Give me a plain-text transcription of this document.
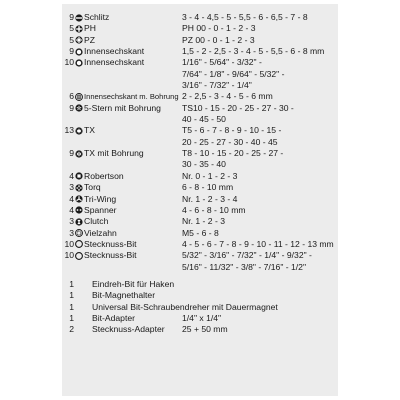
9 Schlitz	3 - 4 - 4,5 - 5 - 5,5 - 6 - 6,5 - 7 - 8
5 PH	PH 00 - 0 - 1 - 2 - 3
5 PZ	PZ 00 - 0 - 1 - 2 - 3
9 Innensechskant	1,5 - 2 - 2,5 - 3 - 4 - 5 - 5,5 - 6 - 8 mm
10 Innensechskant	1/16" - 5/64" - 3/32" -
7/64" - 1/8" - 9/64" - 5/32" -
3/16" - 7/32" - 1/4"
6 Innensechskant m. Bohrung 2 - 2,5 - 3 - 4 - 5 - 6 mm
9 5-Stern mit Bohrung TS10 - 15 - 20 - 25 - 27 - 30 -
40 - 45 - 50
13 TX	T5 - 6 - 7 - 8 - 9 - 10 - 15 -
20 - 25 - 27 - 30 - 40 - 45
9 TX mit Bohrung	T8 - 10 - 15 - 20 - 25 - 27 -
30 - 35 - 40
4 Robertson	Nr. 0 - 1 - 2 - 3
3 Torq	6 - 8 - 10 mm
4 Tri-Wing	Nr. 1 - 2 - 3 - 4
4 Spanner	4 - 6 - 8 - 10 mm
3 Clutch	Nr. 1 - 2 - 3
3 Vielzahn	M5 - 6 - 8
10 Stecknuss-Bit	4 - 5 - 6 - 7 - 8 - 9 - 10 - 11 - 12 - 13 mm
10 Stecknuss-Bit	5/32" - 3/16" - 7/32" - 1/4" - 9/32" -
5/16" - 11/32" - 3/8" - 7/16" - 1/2"
1 Eindreh-Bit für Haken
1 Bit-Magnethalter
1 Universal Bit-Schraubendreher mit Dauermagnet
1 Bit-Adapter	1/4" x 1/4"
2 Stecknuss-Adapter 25 + 50 mm
